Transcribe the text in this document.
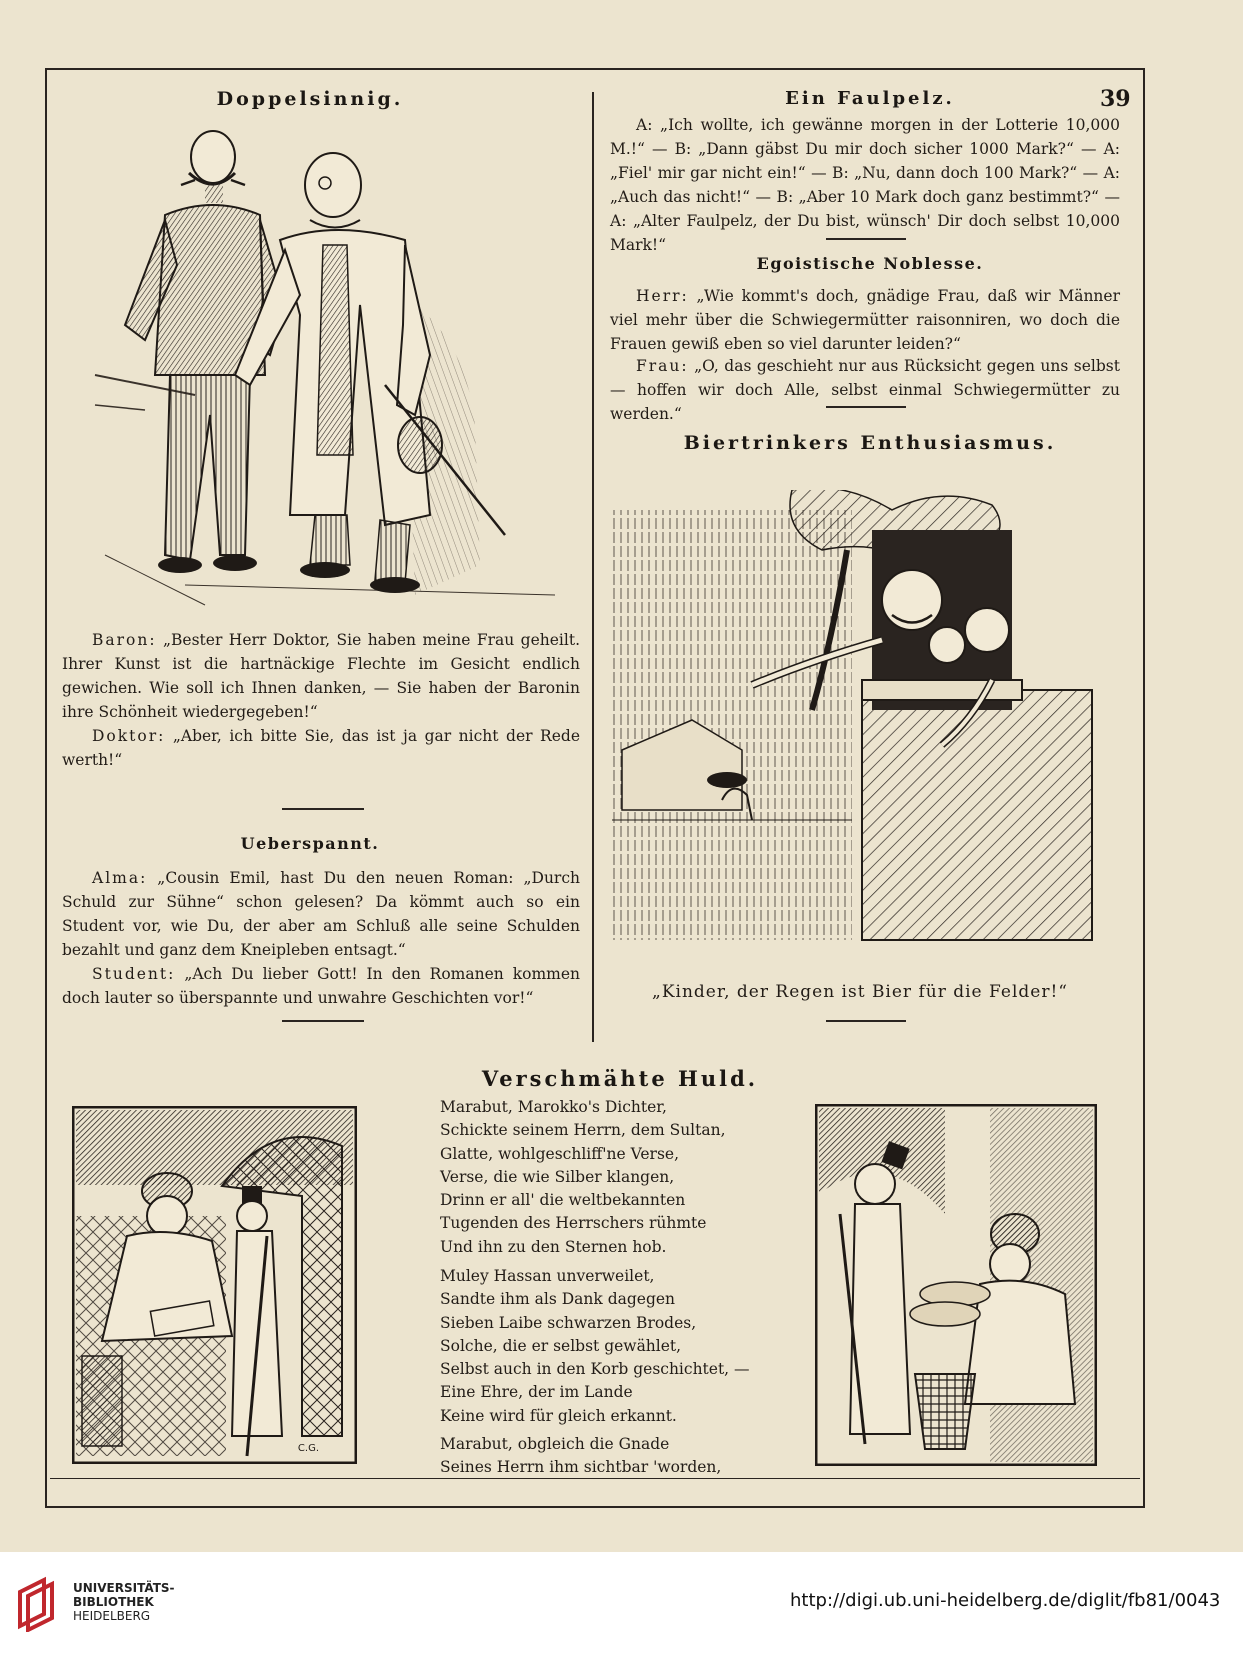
Doppelsinnig.

Baron: „Bester Herr Doktor, Sie haben meine Frau geheilt. Ihrer Kunst ist die hartnäckige Flechte im Gesicht endlich gewichen. Wie soll ich Ihnen danken, — Sie haben der Baronin ihre Schönheit wiedergegeben!“

Doktor: „Aber, ich bitte Sie, das ist ja gar nicht der Rede werth!“

Ueberspannt.

Alma: „Cousin Emil, hast Du den neuen Roman: „Durch Schuld zur Sühne“ schon gelesen? Da kömmt auch so ein Student vor, wie Du, der aber am Schluß alle seine Schulden bezahlt und ganz dem Kneipleben entsagt.“

Student: „Ach Du lieber Gott! In den Romanen kommen doch lauter so überspannte und unwahre Geschichten vor!“

Ein Faulpelz.	39

A: „Ich wollte, ich gewänne morgen in der Lotterie 10,000 M.!“ — B: „Dann gäbst Du mir doch sicher 1000 Mark?“ — A: „Fiel' mir gar nicht ein!“ — B: „Nu, dann doch 100 Mark?“ — A: „Auch das nicht!“ — B: „Aber 10 Mark doch ganz bestimmt?“ — A: „Alter Faulpelz, der Du bist, wünsch' Dir doch selbst 10,000 Mark!“

Egoistische Noblesse.

Herr: „Wie kommt's doch, gnädige Frau, daß wir Männer viel mehr über die Schwiegermütter raisonniren, wo doch die Frauen gewiß eben so viel darunter leiden?“

Frau: „O, das geschieht nur aus Rücksicht gegen uns selbst — hoffen wir doch Alle, selbst einmal Schwiegermütter zu werden.“

Biertrinkers Enthusiasmus.
„Kinder, der Regen ist Bier für die Felder!“
Verschmähte Huld.
C.G.
Marabut, Marokko's Dichter,
Schickte seinem Herrn, dem Sultan,
Glatte, wohlgeschliff'ne Verse,
Verse, die wie Silber klangen,
Drinn er all' die weltbekannten
Tugenden des Herrschers rühmte
Und ihn zu den Sternen hob.
Muley Hassan unverweilet,
Sandte ihm als Dank dagegen
Sieben Laibe schwarzen Brodes,
Solche, die er selbst gewählet,
Selbst auch in den Korb geschichtet, —
Eine Ehre, der im Lande
Keine wird für gleich erkannt.
Marabut, obgleich die Gnade
Seines Herrn ihm sichtbar 'worden,
UNIVERSITÄTS-
BIBLIOTHEK
HEIDELBERG
http://digi.ub.uni-heidelberg.de/diglit/fb81/0043
